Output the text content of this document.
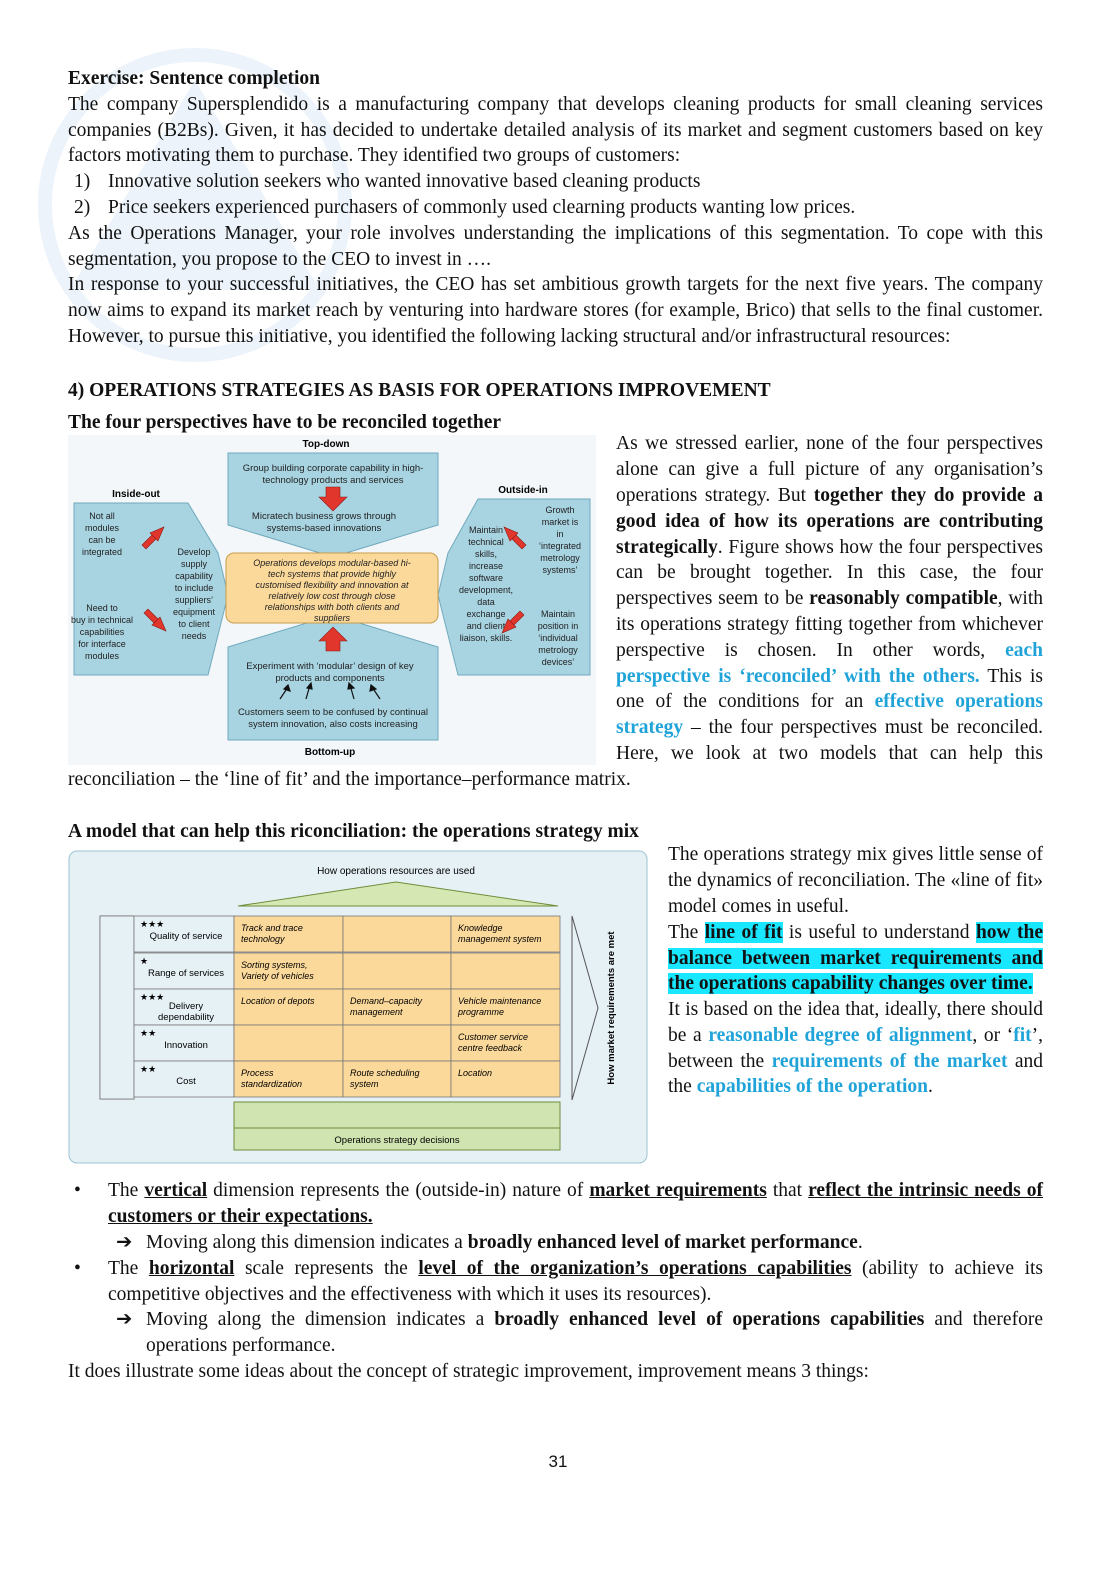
Exercise: Sentence completion

The company Supersplendido is a manufacturing company that develops cleaning products for small cleaning services companies (B2Bs). Given, it has decided to undertake detailed analysis of its market and segment customers based on key factors motivating them to purchase. They identified two groups of customers:

1) Innovative solution seekers who wanted innovative based cleaning products

2) Price seekers experienced purchasers of commonly used clearning products wanting low prices.

As the Operations Manager, your role involves understanding the implications of this segmentation. To cope with this segmentation, you propose to the CEO to invest in ….

In response to your successful initiatives, the CEO has set ambitious growth targets for the next five years. The company now aims to expand its market reach by venturing into hardware stores (for example, Brico) that sells to the final customer. However, to pursue this initiative, you identified the following lacking structural and/or infrastructural resources:

4) OPERATIONS STRATEGIES AS BASIS FOR OPERATIONS IMPROVEMENT

The four perspectives have to be reconciled together

Top-down
Bottom-up
Inside-out	Outside-in
Group building corporate capability in high-
technology products and services
Micratech business grows through
systems-based innovations
Experiment with ‘modular’ design of key
products and components
Customers seem to be confused by continual
system innovation, also costs increasing
Operations develops modular-based hi-
tech systems that provide highly
customised flexibility and innovation at
relatively low cost through close
relationships with both clients and
suppliers
Not all
modules
can be
integrated
Need to
buy in technical
capabilities
for interface
modules
Develop
supply
capability
to include
suppliers’
equipment
to client
needs
Maintain
technical
skills,
increase
software
development,
data
exchange
and client
liaison, skills.
Growth
market is
in
‘integrated
metrology
systems’
Maintain
position in
‘individual
metrology
devices’

As we stressed earlier, none of the four perspectives alone can give a full picture of any organisation’s operations strategy. But together they do provide a good idea of how its operations are contributing strategically. Figure shows how the four perspectives can be brought together. In this case, the four perspectives seem to be reasonably compatible, with its operations strategy fitting together from whichever perspective is chosen. In other words, each perspective is ‘reconciled’ with the others. This is one of the conditions for an effective operations strategy – the four perspectives must be reconciled. Here, we look at two models that can help this reconciliation – the ‘line of fit’ and the importance–performance matrix.

A model that can help this riconciliation: the operations strategy mix

How operations resources are used
How market requirements are met
★★★
Quality of service
Track and trace
technology
Knowledge
management system
★
Range of services
Sorting systems,
Variety of vehicles
★★★
Delivery
dependability
Location of depots	Demand–capacity
management
Vehicle maintenance
programme
★★
Innovation
Customer service
centre feedback
★★
Cost
Process
standardization
Route scheduling
system
Location
Operations strategy decisions

The operations strategy mix gives little sense of the dynamics of reconciliation. The «line of fit» model comes in useful.

The line of fit is useful to understand how the balance between market requirements and the operations capability changes over time.

It is based on the idea that, ideally, there should be a reasonable degree of alignment, or ‘fit’, between the requirements of the market and the capabilities of the operation.

• The vertical dimension represents the (outside-in) nature of market requirements that reflect the intrinsic needs of customers or their expectations.
➔ Moving along this dimension indicates a broadly enhanced level of market performance.
• The horizontal scale represents the level of the organization’s operations capabilities (ability to achieve its competitive objectives and the effectiveness with which it uses its resources).
➔ Moving along the dimension indicates a broadly enhanced level of operations capabilities and therefore operations performance.

It does illustrate some ideas about the concept of strategic improvement, improvement means 3 things:

31
